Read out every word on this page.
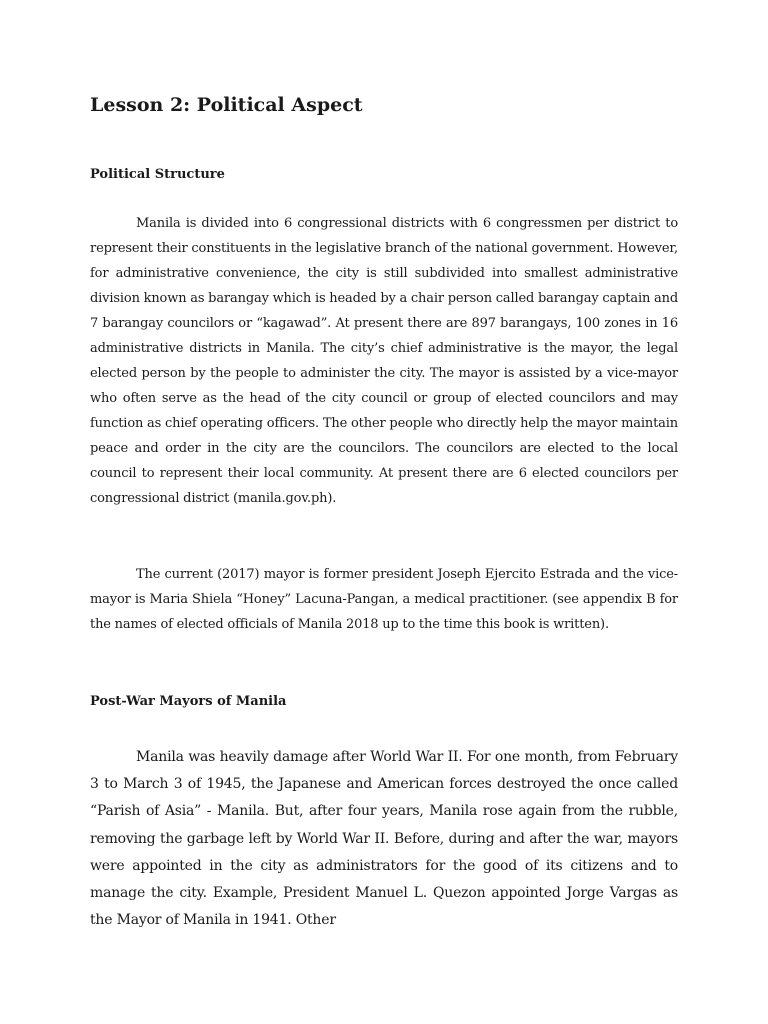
Lesson 2: Political Aspect
Political Structure

Manila is divided into 6 congressional districts with 6 congressmen per district to represent their constituents in the legislative branch of the national government. However, for administrative convenience, the city is still subdivided into smallest administrative division known as barangay which is headed by a chair person called barangay captain and 7 barangay councilors or “kagawad”. At present there are 897 barangays, 100 zones in 16 administrative districts in Manila. The city’s chief administrative is the mayor, the legal elected person by the people to administer the city. The mayor is assisted by a vice-mayor who often serve as the head of the city council or group of elected councilors and may function as chief operating officers. The other people who directly help the mayor maintain peace and order in the city are the councilors. The councilors are elected to the local council to represent their local community. At present there are 6 elected councilors per congressional district (manila.gov.ph).

The current (2017) mayor is former president Joseph Ejercito Estrada and the vice-mayor is Maria Shiela “Honey” Lacuna-Pangan, a medical practitioner. (see appendix B for the names of elected officials of Manila 2018 up to the time this book is written).

Post-War Mayors of Manila

Manila was heavily damage after World War II. For one month, from February 3 to March 3 of 1945, the Japanese and American forces destroyed the once called “Parish of Asia” - Manila. But, after four years, Manila rose again from the rubble, removing the garbage left by World War II. Before, during and after the war, mayors were appointed in the city as administrators for the good of its citizens and to manage the city. Example, President Manuel L. Quezon appointed Jorge Vargas as the Mayor of Manila in 1941. Other
